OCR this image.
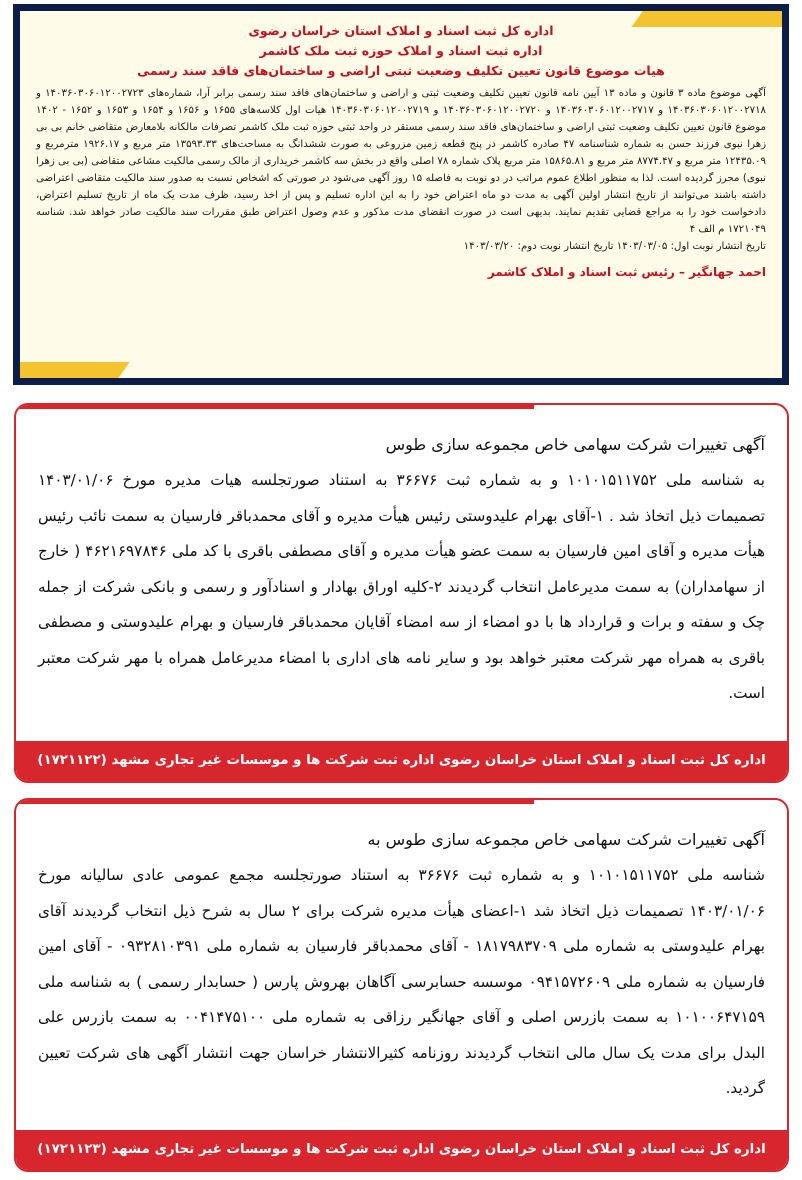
اداره کل ثبت اسناد و املاک استان خراسان رضوی
اداره ثبت اسناد و املاک حوزه ثبت ملک کاشمر
هیات موضوع قانون تعیین تکلیف وضعیت ثبتی اراضی و ساختمان‌های فاقد سند رسمی

آگهی موضوع ماده ۳ قانون و ماده ۱۳ آیین نامه قانون تعیین تکلیف وضعیت ثبتی و اراضی و ساختمان‌های فاقد سند رسمی برابر آرا، شماره‌های ۱۴۰۳۶۰۳۰۶۰۱۲۰۰۲۷۲۳ و ۱۴۰۳۶۰۳۰۶۰۱۲۰۰۲۷۱۸ و ۱۴۰۳۶۰۳۰۶۰۱۲۰۰۲۷۱۷ و ۱۴۰۳۶۰۳۰۶۰۱۲۰۰۲۷۲۰ و ۱۴۰۳۶۰۳۰۶۰۱۲۰۰۲۷۱۹ هیات اول کلاسه‌های ۱۶۵۵ و ۱۶۵۶ و ۱۶۵۴ و ۱۶۵۳ و ۱۶۵۲ - ۱۴۰۲ موضوع قانون تعیین تکلیف وضعیت ثبتی اراضی و ساختمان‌های فاقد سند رسمی مستقر در واحد ثبتی حوزه ثبت ملک کاشمر تصرفات مالکانه بلامعارض متقاضی خانم بی بی زهرا نبوی فرزند حسن به شماره شناسنامه ۴۷ صادره کاشمر در پنج قطعه زمین مزروعی به صورت ششدانگ به مساحت‌های ۱۳۵۹۳.۳۳ متر مربع و ۱۹۲۶.۱۷ مترمربع و ۱۲۴۳۵.۰۹ متر مربع و ۸۷۷۴.۴۷ متر مربع و ۱۵۸۶۵.۸۱ متر مربع پلاک شماره ۷۸ اصلی واقع در بخش سه کاشمر خریداری از مالک رسمی مالکیت مشاعی متقاضی (بی بی زهرا نبوی) محرز گردیده است. لذا به منظور اطلاع عموم مراتب در دو نوبت به فاصله ۱۵ روز آگهی می‌شود در صورتی که اشخاص نسبت به صدور سند مالکیت متقاضی اعتراضی داشته باشند می‌توانند از تاریخ انتشار اولین آگهی به مدت دو ماه اعتراض خود را به این اداره تسلیم و پس از اخذ رسید، ظرف مدت یک ماه از تاریخ تسلیم اعتراض، دادخواست خود را به مراجع قضایی تقدیم نمایند. بدیهی است در صورت انقضای مدت مذکور و عدم وصول اعتراض طبق مقررات سند مالکیت صادر خواهد شد. شناسه ۱۷۲۱۰۴۹ م الف ۴

تاریخ انتشار نوبت اول: ۱۴۰۳/۰۳/۰۵ تاریخ انتشار نوبت دوم: ۱۴۰۳/۰۳/۲۰
احمد جهانگیر – رئیس ثبت اسناد و املاک کاشمر
آگهی تغییرات شرکت سهامی خاص مجموعه سازی طوس

به شناسه ملی ۱۰۱۰۱۵۱۱۷۵۲ و به شماره ثبت ۳۶۶۷۶ به استناد صورتجلسه هیات مدیره مورخ ۱۴۰۳/۰۱/۰۶ تصمیمات ذیل اتخاذ شد . ۱-آقای بهرام علیدوستی رئیس هیأت مدیره و آقای محمدباقر فارسیان به سمت نائب رئیس هیأت مدیره و آقای امین فارسیان به سمت عضو هیأت مدیره و آقای مصطفی باقری با کد ملی ۴۶۲۱۶۹۷۸۴۶ ( خارج از سهامداران) به سمت مدیرعامل انتخاب گردیدند ۲-کلیه اوراق بهادار و اسنادآور و رسمی و بانکی شرکت از جمله چک و سفته و برات و قرارداد ها با دو امضاء از سه امضاء آقایان محمدباقر فارسیان و بهرام علیدوستی و مصطفی باقری به همراه مهر شرکت معتبر خواهد بود و سایر نامه های اداری با امضاء مدیرعامل همراه با مهر شرکت معتبر است.

اداره کل ثبت اسناد و املاک استان خراسان رضوی اداره ثبت شرکت ها و موسسات غیر تجاری مشهد (۱۷۲۱۱۲۲)
آگهی تغییرات شرکت سهامی خاص مجموعه سازی طوس به

شناسه ملی ۱۰۱۰۱۵۱۱۷۵۲ و به شماره ثبت ۳۶۶۷۶ به استناد صورتجلسه مجمع عمومی عادی سالیانه مورخ ۱۴۰۳/۰۱/۰۶ تصمیمات ذیل اتخاذ شد ۱-اعضای هیأت مدیره شرکت برای ۲ سال به شرح ذیل انتخاب گردیدند آقای بهرام علیدوستی به شماره ملی ۱۸۱۷۹۸۳۷۰۹ - آقای محمدباقر فارسیان به شماره ملی ۰۹۳۲۸۱۰۳۹۱ - آقای امین فارسیان به شماره ملی ۰۹۴۱۵۷۲۶۰۹ موسسه حسابرسی آگاهان بهروش پارس ( حسابدار رسمی ) به شناسه ملی ۱۰۱۰۰۶۴۷۱۵۹ به سمت بازرس اصلی و آقای جهانگیر رزاقی به شماره ملی ۰۰۴۱۴۷۵۱۰۰ به سمت بازرس علی البدل برای مدت یک سال مالی انتخاب گردیدند روزنامه کثیرالانتشار خراسان جهت انتشار آگهی های شرکت تعیین گردید.

اداره کل ثبت اسناد و املاک استان خراسان رضوی اداره ثبت شرکت ها و موسسات غیر تجاری مشهد (۱۷۲۱۱۲۳)
